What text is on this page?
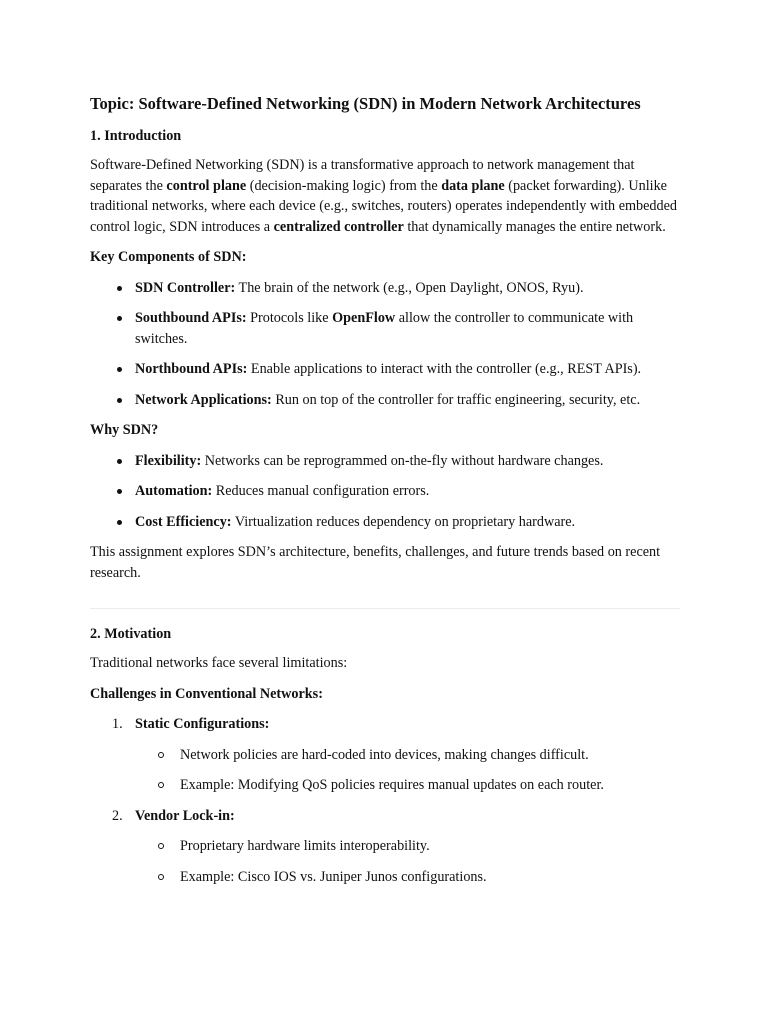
Topic: Software-Defined Networking (SDN) in Modern Network Architectures
1. Introduction

Software-Defined Networking (SDN) is a transformative approach to network management that separates the control plane (decision-making logic) from the data plane (packet forwarding). Unlike traditional networks, where each device (e.g., switches, routers) operates independently with embedded control logic, SDN introduces a centralized controller that dynamically manages the entire network.

Key Components of SDN:
SDN Controller: The brain of the network (e.g., Open Daylight, ONOS, Ryu).
Southbound APIs: Protocols like OpenFlow allow the controller to communicate with switches.
Northbound APIs: Enable applications to interact with the controller (e.g., REST APIs).
Network Applications: Run on top of the controller for traffic engineering, security, etc.
Why SDN?
Flexibility: Networks can be reprogrammed on-the-fly without hardware changes.
Automation: Reduces manual configuration errors.
Cost Efficiency: Virtualization reduces dependency on proprietary hardware.

This assignment explores SDN’s architecture, benefits, challenges, and future trends based on recent research.

2. Motivation

Traditional networks face several limitations:

Challenges in Conventional Networks:
1. Static Configurations:
Network policies are hard-coded into devices, making changes difficult.
Example: Modifying QoS policies requires manual updates on each router.
2. Vendor Lock-in:
Proprietary hardware limits interoperability.
Example: Cisco IOS vs. Juniper Junos configurations.
